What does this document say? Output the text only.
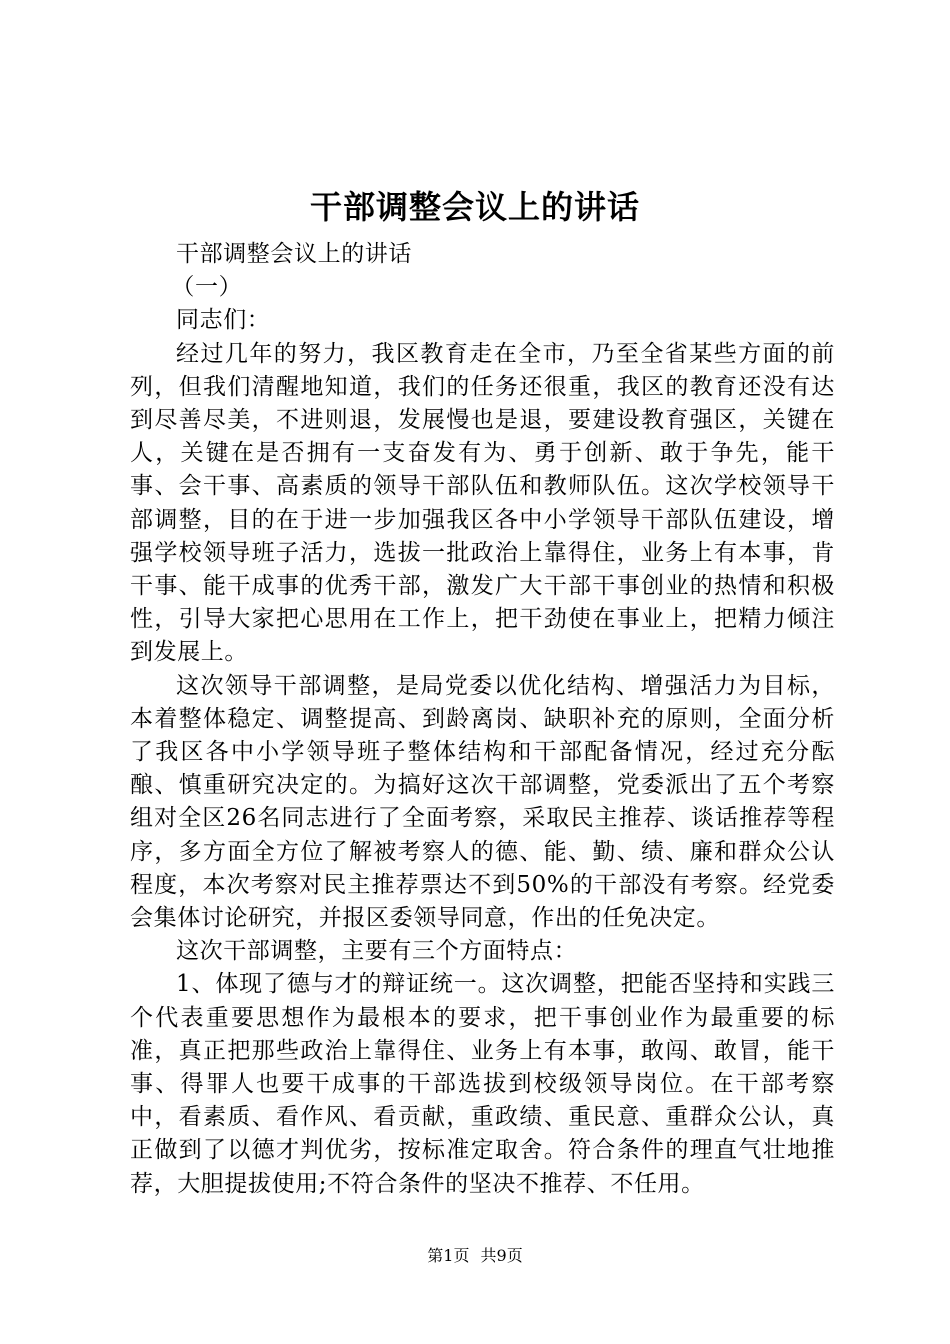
干部调整会议上的讲话

干部调整会议上的讲话

（一）

同志们：

经过几年的努力，我区教育走在全市，乃至全省某些方面的前列，但我们清醒地知道，我们的任务还很重，我区的教育还没有达到尽善尽美，不进则退，发展慢也是退，要建设教育强区，关键在人，关键在是否拥有一支奋发有为、勇于创新、敢于争先，能干事、会干事、高素质的领导干部队伍和教师队伍。这次学校领导干部调整，目的在于进一步加强我区各中小学领导干部队伍建设，增强学校领导班子活力，选拔一批政治上靠得住，业务上有本事，肯干事、能干成事的优秀干部，激发广大干部干事创业的热情和积极性，引导大家把心思用在工作上，把干劲使在事业上，把精力倾注到发展上。

这次领导干部调整，是局党委以优化结构、增强活力为目标，本着整体稳定、调整提高、到龄离岗、缺职补充的原则，全面分析了我区各中小学领导班子整体结构和干部配备情况，经过充分酝酿、慎重研究决定的。为搞好这次干部调整，党委派出了五个考察组对全区26名同志进行了全面考察，采取民主推荐、谈话推荐等程序，多方面全方位了解被考察人的德、能、勤、绩、廉和群众公认程度，本次考察对民主推荐票达不到50%的干部没有考察。经党委会集体讨论研究，并报区委领导同意，作出的任免决定。

这次干部调整，主要有三个方面特点：

1、体现了德与才的辩证统一。这次调整，把能否坚持和实践三个代表重要思想作为最根本的要求，把干事创业作为最重要的标准，真正把那些政治上靠得住、业务上有本事，敢闯、敢冒，能干事、得罪人也要干成事的干部选拔到校级领导岗位。在干部考察中，看素质、看作风、看贡献，重政绩、重民意、重群众公认，真正做到了以德才判优劣，按标准定取舍。符合条件的理直气壮地推荐，大胆提拔使用;不符合条件的坚决不推荐、不任用。

第1页 共9页
